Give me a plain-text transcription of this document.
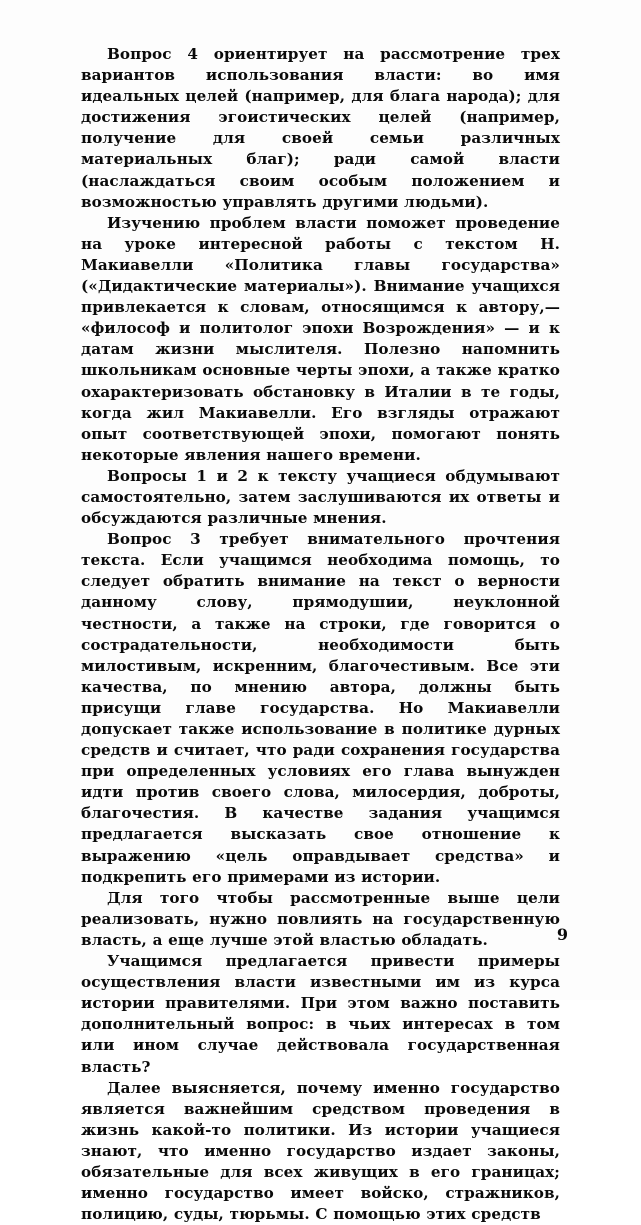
Вопрос 4 ориентирует на рассмотрение трех вариантов использования власти: во имя идеальных целей (например, для блага народа); для достижения эгоистических целей (например, получение для своей семьи различных материальных благ); ради самой власти (наслаждаться своим особым положением и возможностью управлять другими людьми).

Изучению проблем власти поможет проведение на уроке интересной работы с текстом Н. Макиавелли «Политика главы государства» («Дидактические материалы»). Внимание учащихся привлекается к словам, относящимся к автору,— «философ и политолог эпохи Возрождения» — и к датам жизни мыслителя. Полезно напомнить школьникам основные черты эпохи, а также кратко охарактеризовать обстановку в Италии в те годы, когда жил Макиавелли. Его взгляды отражают опыт соответствующей эпохи, помогают понять некоторые явления нашего времени.

Вопросы 1 и 2 к тексту учащиеся обдумывают самостоятельно, затем заслушиваются их ответы и обсуждаются различные мнения.

Вопрос 3 требует внимательного прочтения текста. Если учащимся необходима помощь, то следует обратить внимание на текст о верности данному слову, прямодушии, неуклонной честности, а также на строки, где говорится о сострадательности, необходимости быть милостивым, искренним, благочестивым. Все эти качества, по мнению автора, должны быть присущи главе государства. Но Макиавелли допускает также использование в политике дурных средств и считает, что ради сохранения государства при определенных условиях его глава вынужден идти против своего слова, милосердия, доброты, благочестия. В качестве задания учащимся предлагается высказать свое отношение к выражению «цель оправдывает средства» и подкрепить его примерами из истории.

Для того чтобы рассмотренные выше цели реализовать, нужно повлиять на государственную власть, а еще лучше этой властью обладать.

Учащимся предлагается привести примеры осуществления власти известными им из курса истории правителями. При этом важно поставить дополнительный вопрос: в чьих интересах в том или ином случае действовала государственная власть?

Далее выясняется, почему именно государство является важнейшим средством проведения в жизнь какой-то политики. Из истории учащиеся знают, что именно государство издает законы, обязательные для всех живущих в его границах; именно государство имеет войско, стражников, полицию, суды, тюрьмы. С помощью этих средств

9
